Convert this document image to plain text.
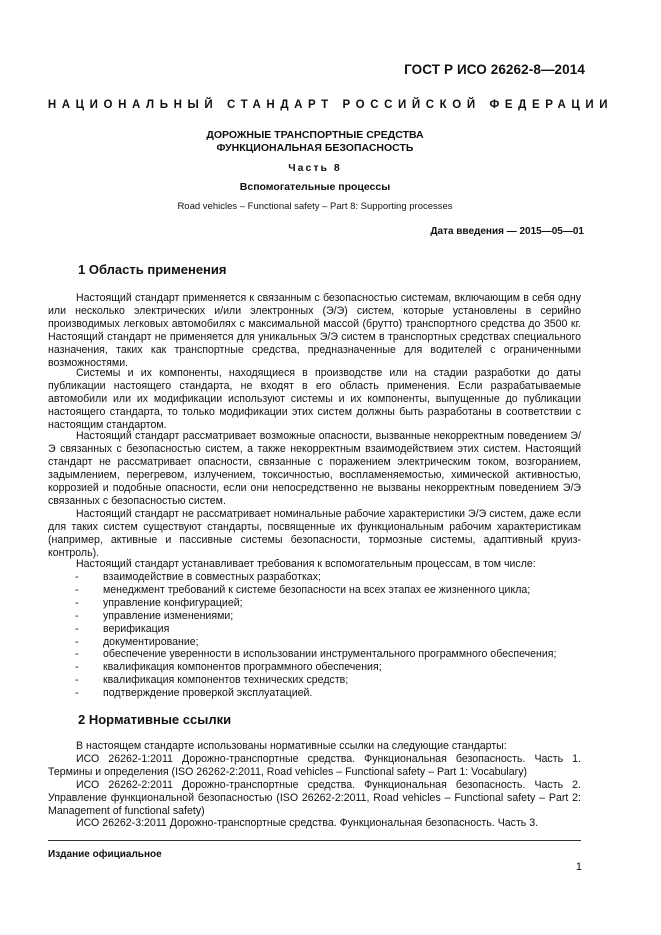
ГОСТ Р ИСО 26262-8—2014
НАЦИОНАЛЬНЫЙ СТАНДАРТ РОССИЙСКОЙ ФЕДЕРАЦИИ
ДОРОЖНЫЕ ТРАНСПОРТНЫЕ СРЕДСТВА
ФУНКЦИОНАЛЬНАЯ БЕЗОПАСНОСТЬ
Часть 8
Вспомогательные процессы
Road vehicles – Functional safety – Part 8: Supporting processes
Дата введения — 2015—05—01
1 Область применения

Настоящий стандарт применяется к связанным с безопасностью системам, включающим в себя одну или несколько электрических и/или электронных (Э/Э) систем, которые установлены в серийно производимых легковых автомобилях с максимальной массой (брутто) транспортного средства до 3500 кг. Настоящий стандарт не применяется для уникальных Э/Э систем в транспортных средствах специального назначения, таких как транспортные средства, предназначенные для водителей с ограниченными возможностями.

Системы и их компоненты, находящиеся в производстве или на стадии разработки до даты публикации настоящего стандарта, не входят в его область применения. Если разрабатываемые автомобили или их модификации используют системы и их компоненты, выпущенные до публикации настоящего стандарта, то только модификации этих систем должны быть разработаны в соответствии с настоящим стандартом.

Настоящий стандарт рассматривает возможные опасности, вызванные некорректным поведением Э/Э связанных с безопасностью систем, а также некорректным взаимодействием этих систем. Настоящий стандарт не рассматривает опасности, связанные с поражением электрическим током, возгоранием, задымлением, перегревом, излучением, токсичностью, воспламеняемостью, химической активностью, коррозией и подобные опасности, если они непосредственно не вызваны некорректным поведением Э/Э связанных с безопасностью систем.

Настоящий стандарт не рассматривает номинальные рабочие характеристики Э/Э систем, даже если для таких систем существуют стандарты, посвященные их функциональным рабочим характеристикам (например, активные и пассивные системы безопасности, тормозные системы, адаптивный круиз-контроль).

Настоящий стандарт устанавливает требования к вспомогательным процессам, в том числе:

- взаимодействие в совместных разработках;
- менеджмент требований к системе безопасности на всех этапах ее жизненного цикла;
- управление конфигурацией;
- управление изменениями;
- верификация
- документирование;
- обеспечение уверенности в использовании инструментального программного обеспечения;
- квалификация компонентов программного обеспечения;
- квалификация компонентов технических средств;
- подтверждение проверкой эксплуатацией.
2 Нормативные ссылки

В настоящем стандарте использованы нормативные ссылки на следующие стандарты:

ИСО 26262-1:2011 Дорожно-транспортные средства. Функциональная безопасность. Часть 1. Термины и определения (ISO 26262-2:2011, Road vehicles – Functional safety – Part 1: Vocabulary)

ИСО 26262-2:2011 Дорожно-транспортные средства. Функциональная безопасность. Часть 2. Управление функциональной безопасностью (ISO 26262-2:2011, Road vehicles – Functional safety – Part 2: Management of functional safety)

ИСО 26262-3:2011 Дорожно-транспортные средства. Функциональная безопасность. Часть 3.

Издание официальное
1
